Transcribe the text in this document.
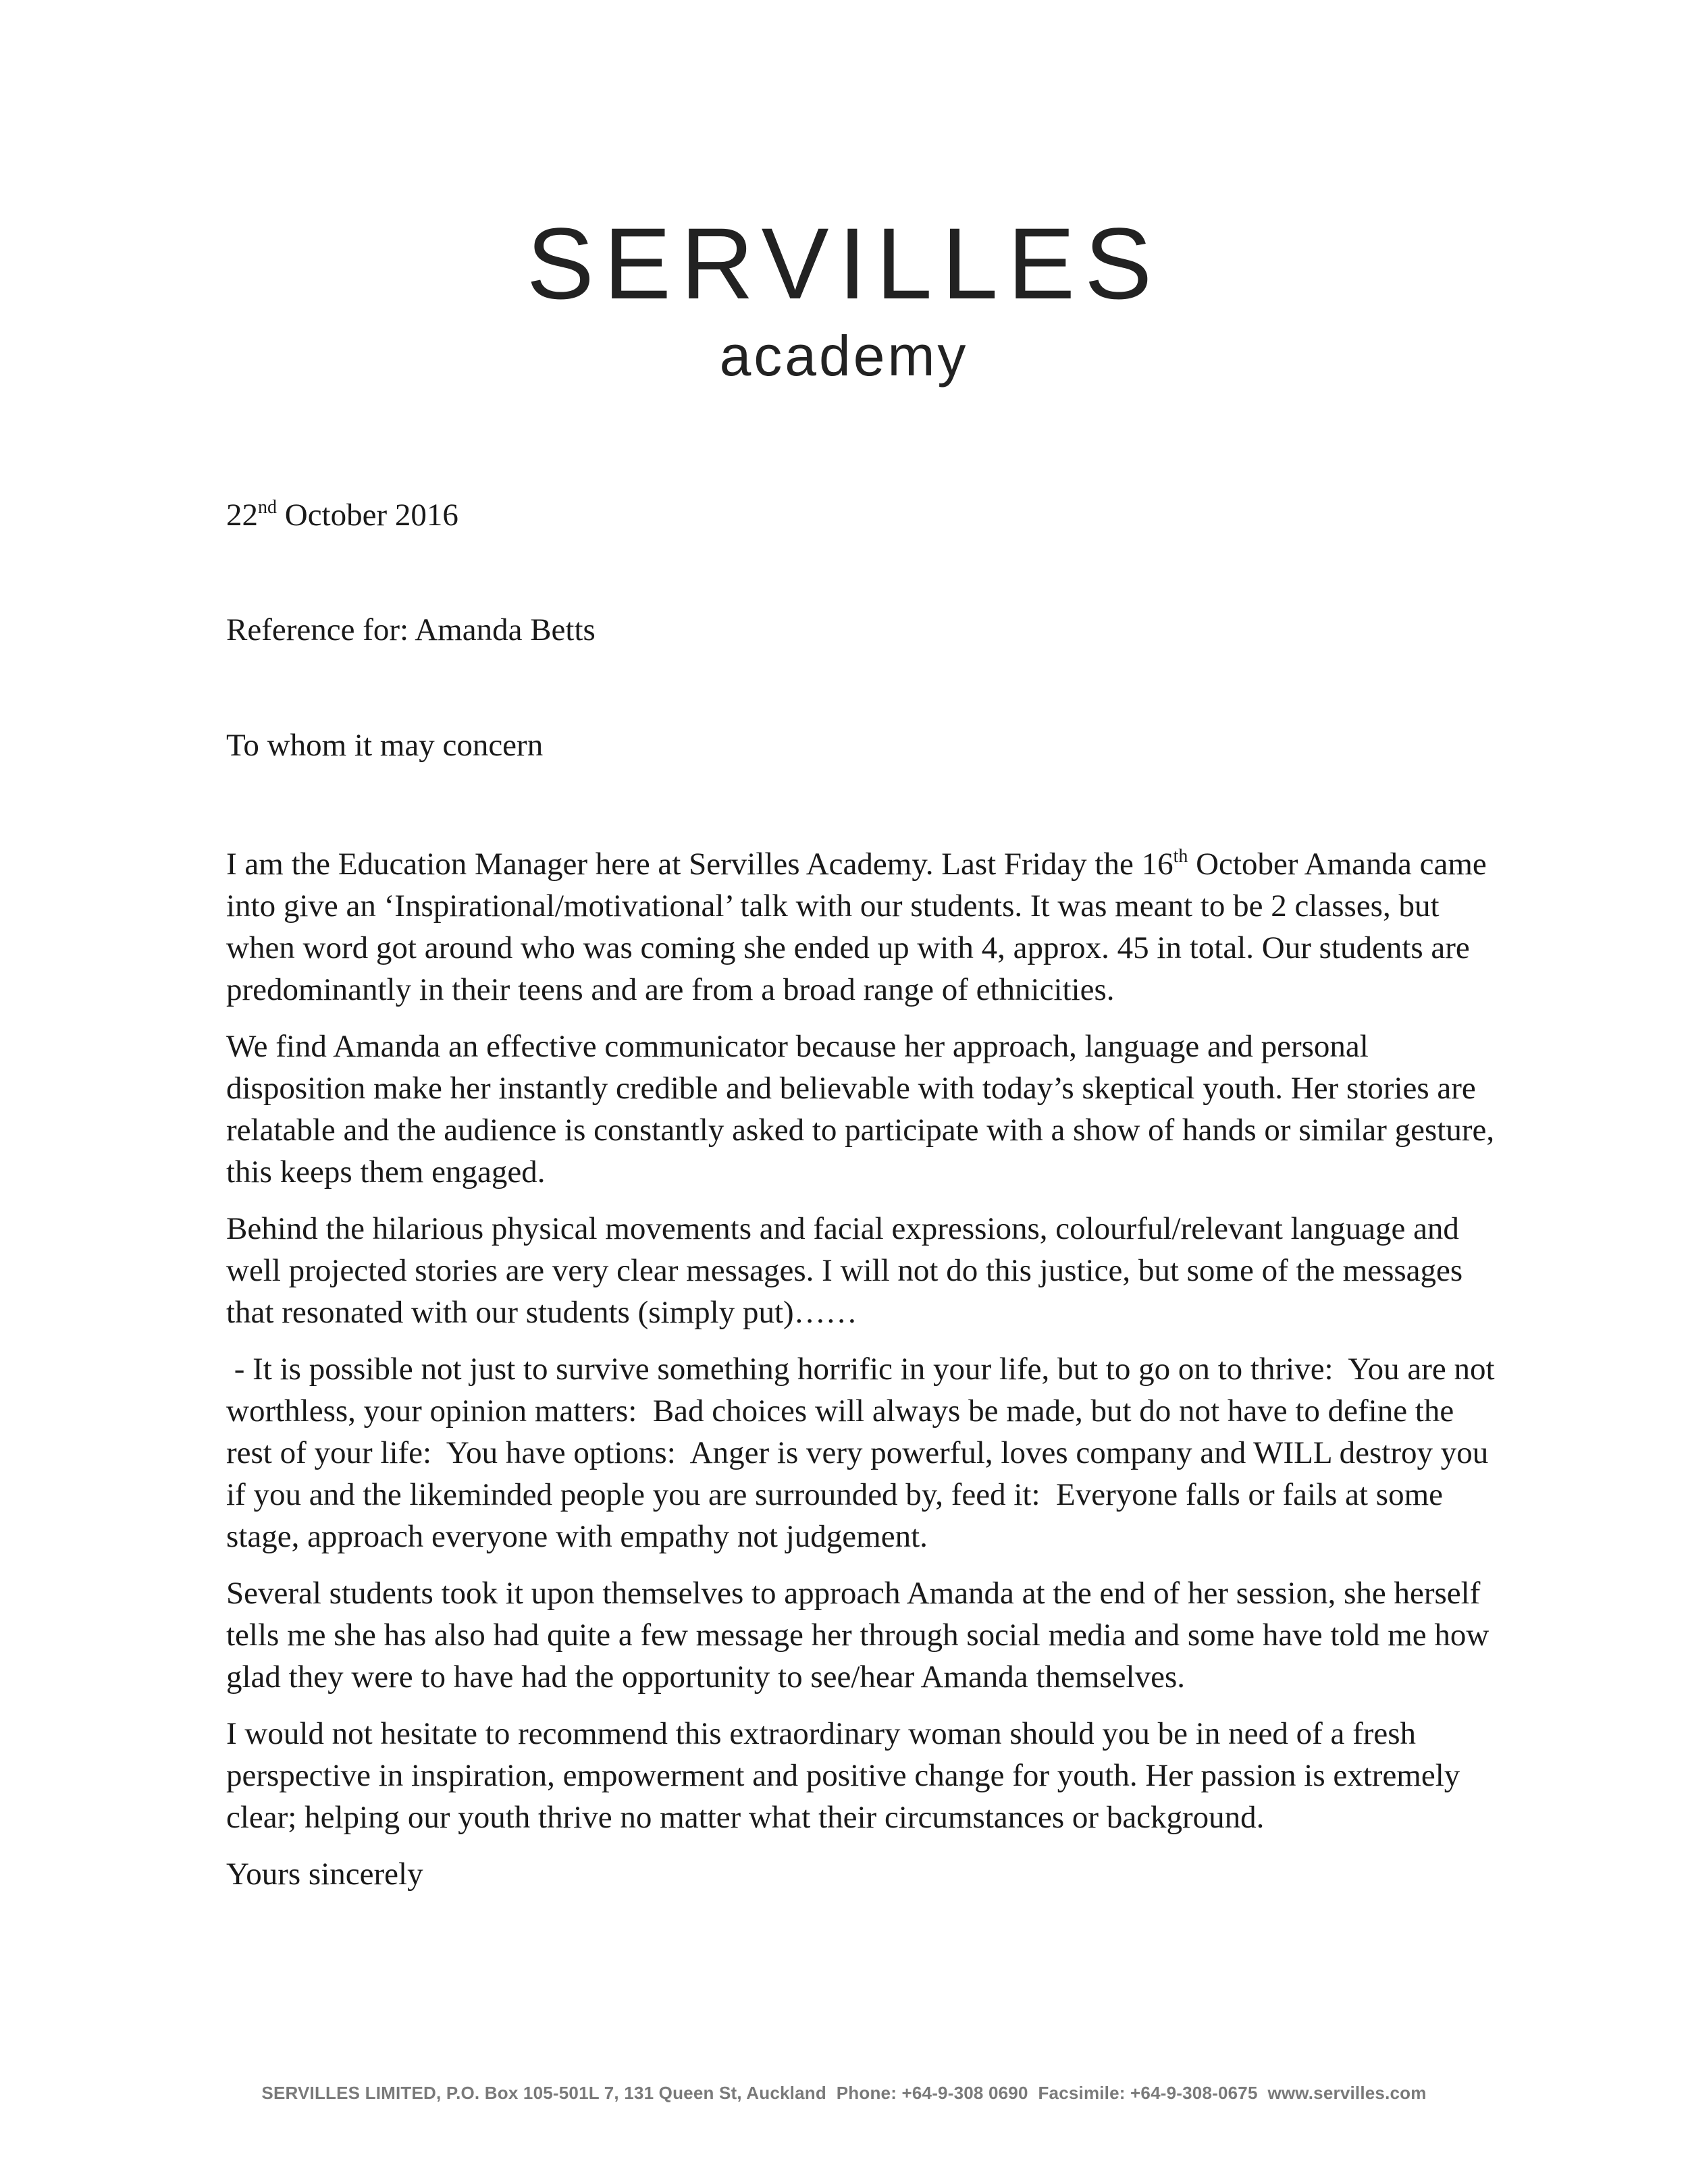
SERVILLES
academy
22nd October 2016
Reference for: Amanda Betts
To whom it may concern

I am the Education Manager here at Servilles Academy. Last Friday the 16th October Amanda came into give an ‘Inspirational/motivational’ talk with our students. It was meant to be 2 classes, but when word got around who was coming she ended up with 4, approx. 45 in total. Our students are predominantly in their teens and are from a broad range of ethnicities.

We find Amanda an effective communicator because her approach, language and personal disposition make her instantly credible and believable with today’s skeptical youth. Her stories are relatable and the audience is constantly asked to participate with a show of hands or similar gesture, this keeps them engaged.

Behind the hilarious physical movements and facial expressions, colourful/relevant language and well projected stories are very clear messages. I will not do this justice, but some of the messages that resonated with our students (simply put)……

- It is possible not just to survive something horrific in your life, but to go on to thrive:  You are not worthless, your opinion matters:  Bad choices will always be made, but do not have to define the rest of your life:  You have options:  Anger is very powerful, loves company and WILL destroy you if you and the likeminded people you are surrounded by, feed it:  Everyone falls or fails at some stage, approach everyone with empathy not judgement.

Several students took it upon themselves to approach Amanda at the end of her session, she herself tells me she has also had quite a few message her through social media and some have told me how glad they were to have had the opportunity to see/hear Amanda themselves.

I would not hesitate to recommend this extraordinary woman should you be in need of a fresh perspective in inspiration, empowerment and positive change for youth. Her passion is extremely clear; helping our youth thrive no matter what their circumstances or background.

Yours sincerely

SERVILLES LIMITED, P.O. Box 105-501L 7, 131 Queen St, Auckland  Phone: +64-9-308 0690  Facsimile: +64-9-308-0675  www.servilles.com
